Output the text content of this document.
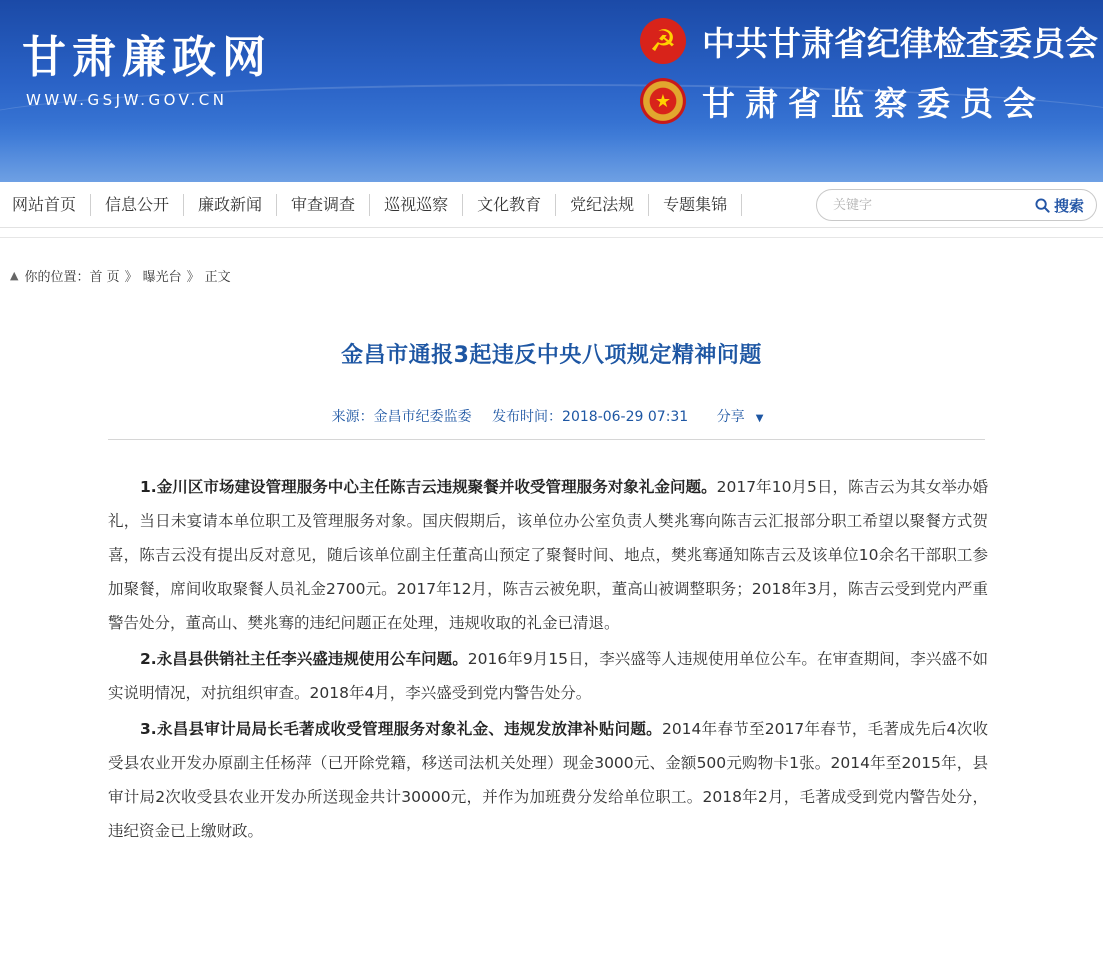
甘肃廉政网
WWW.GSJW.GOV.CN
☭ 中共甘肃省纪律检查委员会
★ 甘肃省监察委员会
网站首页	信息公开	廉政新闻	审查调查	巡视巡察	文化教育	党纪法规	专题集锦
关键字	搜索
▲ 你的位置： 首 页 》 曝光台 》 正文
金昌市通报3起违反中央八项规定精神问题
来源：金昌市纪委监委 发布时间：2018-06-29 07:31 分享 ▼

1.金川区市场建设管理服务中心主任陈吉云违规聚餐并收受管理服务对象礼金问题。2017年10月5日，陈吉云为其女举办婚礼，当日未宴请本单位职工及管理服务对象。国庆假期后，该单位办公室负责人樊兆骞向陈吉云汇报部分职工希望以聚餐方式贺喜，陈吉云没有提出反对意见，随后该单位副主任董高山预定了聚餐时间、地点，樊兆骞通知陈吉云及该单位10余名干部职工参加聚餐，席间收取聚餐人员礼金2700元。2017年12月，陈吉云被免职，董高山被调整职务；2018年3月，陈吉云受到党内严重警告处分，董高山、樊兆骞的违纪问题正在处理，违规收取的礼金已清退。

2.永昌县供销社主任李兴盛违规使用公车问题。2016年9月15日，李兴盛等人违规使用单位公车。在审查期间，李兴盛不如实说明情况，对抗组织审查。2018年4月，李兴盛受到党内警告处分。

3.永昌县审计局局长毛著成收受管理服务对象礼金、违规发放津补贴问题。2014年春节至2017年春节，毛著成先后4次收受县农业开发办原副主任杨萍（已开除党籍，移送司法机关处理）现金3000元、金额500元购物卡1张。2014年至2015年，县审计局2次收受县农业开发办所送现金共计30000元，并作为加班费分发给单位职工。2018年2月，毛著成受到党内警告处分，违纪资金已上缴财政。
